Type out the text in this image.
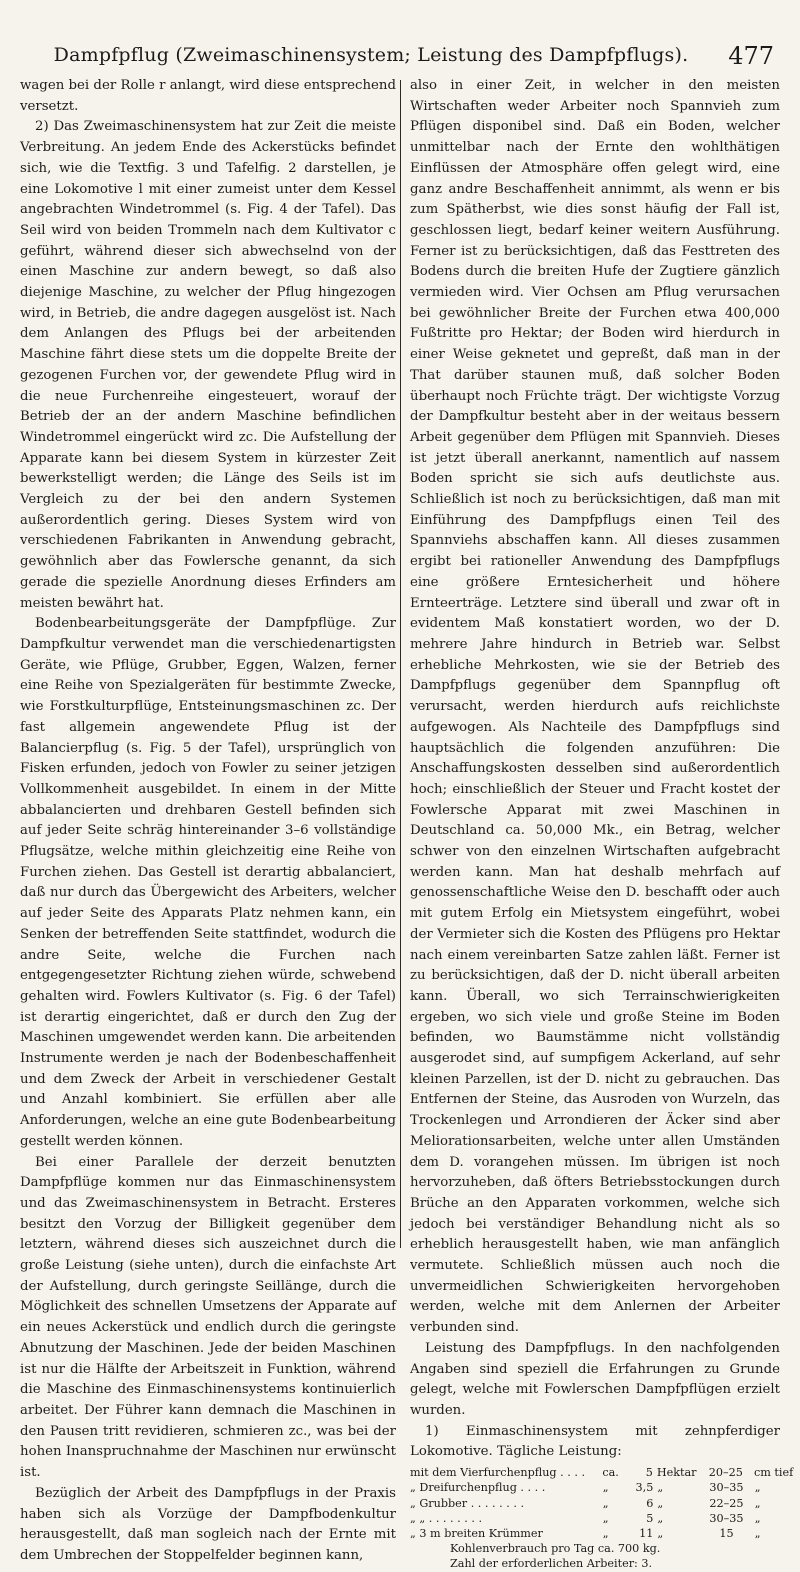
Dampfpflug (Zweimaschinensystem; Leistung des Dampfpflugs).	477

wagen bei der Rolle r anlangt, wird diese entsprechend versetzt.

2) Das Zweimaschinensystem hat zur Zeit die meiste Verbreitung. An jedem Ende des Ackerstücks befindet sich, wie die Textfig. 3 und Tafelfig. 2 darstellen, je eine Lokomotive l mit einer zumeist unter dem Kessel angebrachten Windetrommel (s. Fig. 4 der Tafel). Das Seil wird von beiden Trommeln nach dem Kultivator c geführt, während dieser sich abwechselnd von der einen Maschine zur andern bewegt, so daß also diejenige Maschine, zu welcher der Pflug hingezogen wird, in Betrieb, die andre dagegen ausgelöst ist. Nach dem Anlangen des Pflugs bei der arbeitenden Maschine fährt diese stets um die doppelte Breite der gezogenen Furchen vor, der gewendete Pflug wird in die neue Furchenreihe eingesteuert, worauf der Betrieb der an der andern Maschine befindlichen Windetrommel eingerückt wird zc. Die Aufstellung der Apparate kann bei diesem System in kürzester Zeit bewerkstelligt werden; die Länge des Seils ist im Vergleich zu der bei den andern Systemen außerordentlich gering. Dieses System wird von verschiedenen Fabrikanten in Anwendung gebracht, gewöhnlich aber das Fowlersche genannt, da sich gerade die spezielle Anordnung dieses Erfinders am meisten bewährt hat.

Bodenbearbeitungsgeräte der Dampfpflüge. Zur Dampfkultur verwendet man die verschiedenartigsten Geräte, wie Pflüge, Grubber, Eggen, Walzen, ferner eine Reihe von Spezialgeräten für bestimmte Zwecke, wie Forstkulturpflüge, Entsteinungsmaschinen zc. Der fast allgemein angewendete Pflug ist der Balancierpflug (s. Fig. 5 der Tafel), ursprünglich von Fisken erfunden, jedoch von Fowler zu seiner jetzigen Vollkommenheit ausgebildet. In einem in der Mitte abbalancierten und drehbaren Gestell befinden sich auf jeder Seite schräg hintereinander 3–6 vollständige Pflugsätze, welche mithin gleichzeitig eine Reihe von Furchen ziehen. Das Gestell ist derartig abbalanciert, daß nur durch das Übergewicht des Arbeiters, welcher auf jeder Seite des Apparats Platz nehmen kann, ein Senken der betreffenden Seite stattfindet, wodurch die andre Seite, welche die Furchen nach entgegengesetzter Richtung ziehen würde, schwebend gehalten wird. Fowlers Kultivator (s. Fig. 6 der Tafel) ist derartig eingerichtet, daß er durch den Zug der Maschinen umgewendet werden kann. Die arbeitenden Instrumente werden je nach der Bodenbeschaffenheit und dem Zweck der Arbeit in verschiedener Gestalt und Anzahl kombiniert. Sie erfüllen aber alle Anforderungen, welche an eine gute Bodenbearbeitung gestellt werden können.

Bei einer Parallele der derzeit benutzten Dampfpflüge kommen nur das Einmaschinensystem und das Zweimaschinensystem in Betracht. Ersteres besitzt den Vorzug der Billigkeit gegenüber dem letztern, während dieses sich auszeichnet durch die große Leistung (siehe unten), durch die einfachste Art der Aufstellung, durch geringste Seillänge, durch die Möglichkeit des schnellen Umsetzens der Apparate auf ein neues Ackerstück und endlich durch die geringste Abnutzung der Maschinen. Jede der beiden Maschinen ist nur die Hälfte der Arbeitszeit in Funktion, während die Maschine des Einmaschinensystems kontinuierlich arbeitet. Der Führer kann demnach die Maschinen in den Pausen tritt revidieren, schmieren zc., was bei der hohen Inanspruchnahme der Maschinen nur erwünscht ist.

Bezüglich der Arbeit des Dampfpflugs in der Praxis haben sich als Vorzüge der Dampfbodenkultur herausgestellt, daß man sogleich nach der Ernte mit dem Umbrechen der Stoppelfelder beginnen kann,

also in einer Zeit, in welcher in den meisten Wirtschaften weder Arbeiter noch Spannvieh zum Pflügen disponibel sind. Daß ein Boden, welcher unmittelbar nach der Ernte den wohlthätigen Einflüssen der Atmosphäre offen gelegt wird, eine ganz andre Beschaffenheit annimmt, als wenn er bis zum Spätherbst, wie dies sonst häufig der Fall ist, geschlossen liegt, bedarf keiner weitern Ausführung. Ferner ist zu berücksichtigen, daß das Festtreten des Bodens durch die breiten Hufe der Zugtiere gänzlich vermieden wird. Vier Ochsen am Pflug verursachen bei gewöhnlicher Breite der Furchen etwa 400,000 Fußtritte pro Hektar; der Boden wird hierdurch in einer Weise geknetet und gepreßt, daß man in der That darüber staunen muß, daß solcher Boden überhaupt noch Früchte trägt. Der wichtigste Vorzug der Dampfkultur besteht aber in der weitaus bessern Arbeit gegenüber dem Pflügen mit Spannvieh. Dieses ist jetzt überall anerkannt, namentlich auf nassem Boden spricht sie sich aufs deutlichste aus. Schließlich ist noch zu berücksichtigen, daß man mit Einführung des Dampfpflugs einen Teil des Spannviehs abschaffen kann. All dieses zusammen ergibt bei rationeller Anwendung des Dampfpflugs eine größere Erntesicherheit und höhere Ernteerträge. Letztere sind überall und zwar oft in evidentem Maß konstatiert worden, wo der D. mehrere Jahre hindurch in Betrieb war. Selbst erhebliche Mehrkosten, wie sie der Betrieb des Dampfpflugs gegenüber dem Spannpflug oft verursacht, werden hierdurch aufs reichlichste aufgewogen. Als Nachteile des Dampfpflugs sind hauptsächlich die folgenden anzuführen: Die Anschaffungskosten desselben sind außerordentlich hoch; einschließlich der Steuer und Fracht kostet der Fowlersche Apparat mit zwei Maschinen in Deutschland ca. 50,000 Mk., ein Betrag, welcher schwer von den einzelnen Wirtschaften aufgebracht werden kann. Man hat deshalb mehrfach auf genossenschaftliche Weise den D. beschafft oder auch mit gutem Erfolg ein Mietsystem eingeführt, wobei der Vermieter sich die Kosten des Pflügens pro Hektar nach einem vereinbarten Satze zahlen läßt. Ferner ist zu berücksichtigen, daß der D. nicht überall arbeiten kann. Überall, wo sich Terrainschwierigkeiten ergeben, wo sich viele und große Steine im Boden befinden, wo Baumstämme nicht vollständig ausgerodet sind, auf sumpfigem Ackerland, auf sehr kleinen Parzellen, ist der D. nicht zu gebrauchen. Das Entfernen der Steine, das Ausroden von Wurzeln, das Trockenlegen und Arrondieren der Äcker sind aber Meliorationsarbeiten, welche unter allen Umständen dem D. vorangehen müssen. Im übrigen ist noch hervorzuheben, daß öfters Betriebsstockungen durch Brüche an den Apparaten vorkommen, welche sich jedoch bei verständiger Behandlung nicht als so erheblich herausgestellt haben, wie man anfänglich vermutete. Schließlich müssen auch noch die unvermeidlichen Schwierigkeiten hervorgehoben werden, welche mit dem Anlernen der Arbeiter verbunden sind.

Leistung des Dampfpflugs. In den nachfolgenden Angaben sind speziell die Erfahrungen zu Grunde gelegt, welche mit Fowlerschen Dampfpflügen erzielt wurden.

1) Einmaschinensystem mit zehnpferdiger Lokomotive. Tägliche Leistung:

mit dem Vierfurchenpflug . . . .	ca.	5 Hektar	20–25 cm tief
„ Dreifurchenpflug . . . .	„	3,5 „	30–35 „
„ Grubber . . . . . . . .	„	6 „	22–25 „
„ „ . . . . . . . .	„	5 „	30–35 „
„ 3 m breiten Krümmer	„	11 „	15	„
Kohlenverbrauch pro Tag ca. 700 kg.
Zahl der erforderlichen Arbeiter: 3.
